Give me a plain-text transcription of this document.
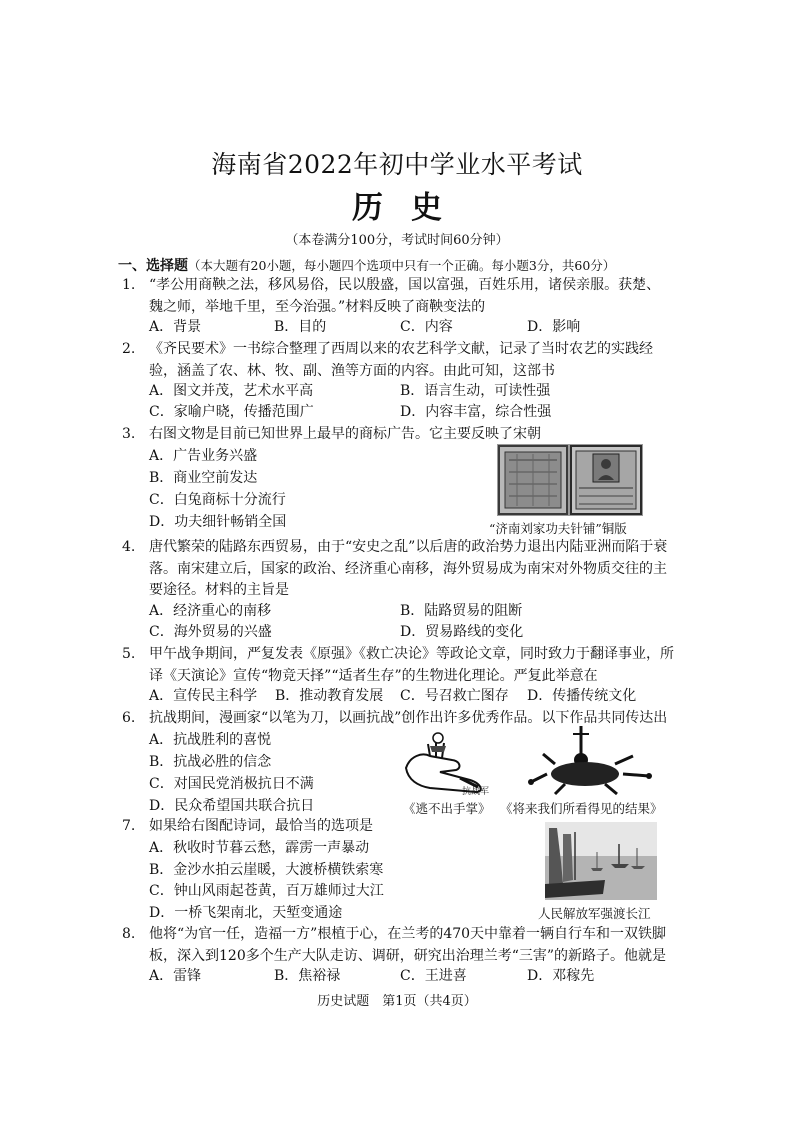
海南省2022年初中学业水平考试
历史
（本卷满分100分，考试时间60分钟）
一、选择题（本大题有20小题，每小题四个选项中只有一个正确。每小题3分，共60分）
1. “孝公用商鞅之法，移风易俗，民以殷盛，国以富强，百姓乐用，诸侯亲服。获楚、魏之师，举地千里，至今治强。”材料反映了商鞅变法的
A．背景	B．目的	C．内容	D．影响
2. 《齐民要术》一书综合整理了西周以来的农艺科学文献，记录了当时农艺的实践经验，涵盖了农、林、牧、副、渔等方面的内容。由此可知，这部书
A．图文并茂，艺术水平高	B．语言生动，可读性强
C．家喻户晓，传播范围广	D．内容丰富，综合性强
3. 右图文物是目前已知世界上最早的商标广告。它主要反映了宋朝
A．广告业务兴盛
B．商业空前发达
C．白兔商标十分流行
D．功夫细针畅销全国	“济南刘家功夫针铺”铜版
4. 唐代繁荣的陆路东西贸易，由于“安史之乱”以后唐的政治势力退出内陆亚洲而陷于衰落。南宋建立后，国家的政治、经济重心南移，海外贸易成为南宋对外物质交往的主要途径。材料的主旨是
A．经济重心的南移	B．陆路贸易的阻断
C．海外贸易的兴盛	D．贸易路线的变化
5. 甲午战争期间，严复发表《原强》《救亡决论》等政论文章，同时致力于翻译事业，所译《天演论》宣传“物竞天择”“适者生存”的生物进化理论。严复此举意在
A．宣传民主科学 B．推动教育发展 C．号召救亡图存 D．传播传统文化
6. 抗战期间，漫画家“以笔为刀，以画抗战”创作出许多优秀作品。以下作品共同传达出
A．抗战胜利的喜悦
B．抗战必胜的信念
C．对国民党消极抗日不满
D．民众希望国共联合抗日
抗战军
《逃不出手掌》 《将来我们所看得见的结果》
7. 如果给右图配诗词，最恰当的选项是
A．秋收时节暮云愁，霹雳一声暴动
B．金沙水拍云崖暖，大渡桥横铁索寒
C．钟山风雨起苍黄，百万雄师过大江
D．一桥飞架南北，天堑变通途	人民解放军强渡长江
8. 他将“为官一任，造福一方”根植于心，在兰考的470天中靠着一辆自行车和一双铁脚板，深入到120多个生产大队走访、调研，研究出治理兰考“三害”的新路子。他就是
A．雷锋	B．焦裕禄	C．王进喜	D．邓稼先
历史试题　第1页（共4页）
